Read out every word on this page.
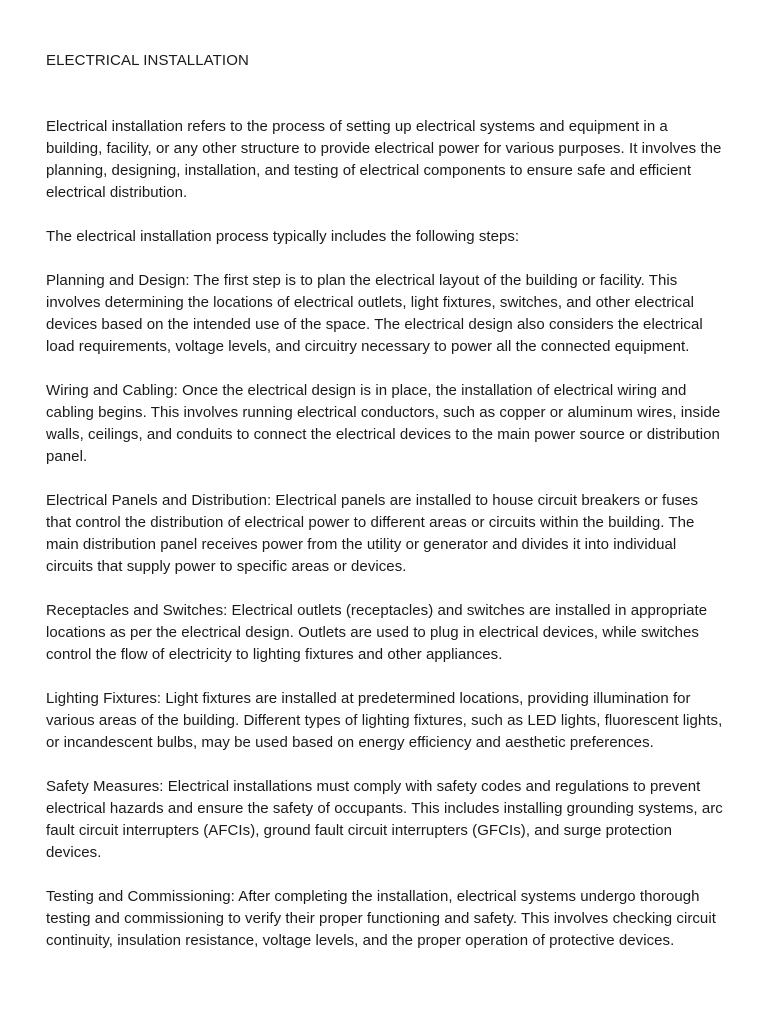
ELECTRICAL INSTALLATION

Electrical installation refers to the process of setting up electrical systems and equipment in a building, facility, or any other structure to provide electrical power for various purposes. It involves the planning, designing, installation, and testing of electrical components to ensure safe and efficient electrical distribution.

The electrical installation process typically includes the following steps:

Planning and Design: The first step is to plan the electrical layout of the building or facility. This involves determining the locations of electrical outlets, light fixtures, switches, and other electrical devices based on the intended use of the space. The electrical design also considers the electrical load requirements, voltage levels, and circuitry necessary to power all the connected equipment.

Wiring and Cabling: Once the electrical design is in place, the installation of electrical wiring and cabling begins. This involves running electrical conductors, such as copper or aluminum wires, inside walls, ceilings, and conduits to connect the electrical devices to the main power source or distribution panel.

Electrical Panels and Distribution: Electrical panels are installed to house circuit breakers or fuses that control the distribution of electrical power to different areas or circuits within the building. The main distribution panel receives power from the utility or generator and divides it into individual circuits that supply power to specific areas or devices.

Receptacles and Switches: Electrical outlets (receptacles) and switches are installed in appropriate locations as per the electrical design. Outlets are used to plug in electrical devices, while switches control the flow of electricity to lighting fixtures and other appliances.

Lighting Fixtures: Light fixtures are installed at predetermined locations, providing illumination for various areas of the building. Different types of lighting fixtures, such as LED lights, fluorescent lights, or incandescent bulbs, may be used based on energy efficiency and aesthetic preferences.

Safety Measures: Electrical installations must comply with safety codes and regulations to prevent electrical hazards and ensure the safety of occupants. This includes installing grounding systems, arc fault circuit interrupters (AFCIs), ground fault circuit interrupters (GFCIs), and surge protection devices.

Testing and Commissioning: After completing the installation, electrical systems undergo thorough testing and commissioning to verify their proper functioning and safety. This involves checking circuit continuity, insulation resistance, voltage levels, and the proper operation of protective devices.
